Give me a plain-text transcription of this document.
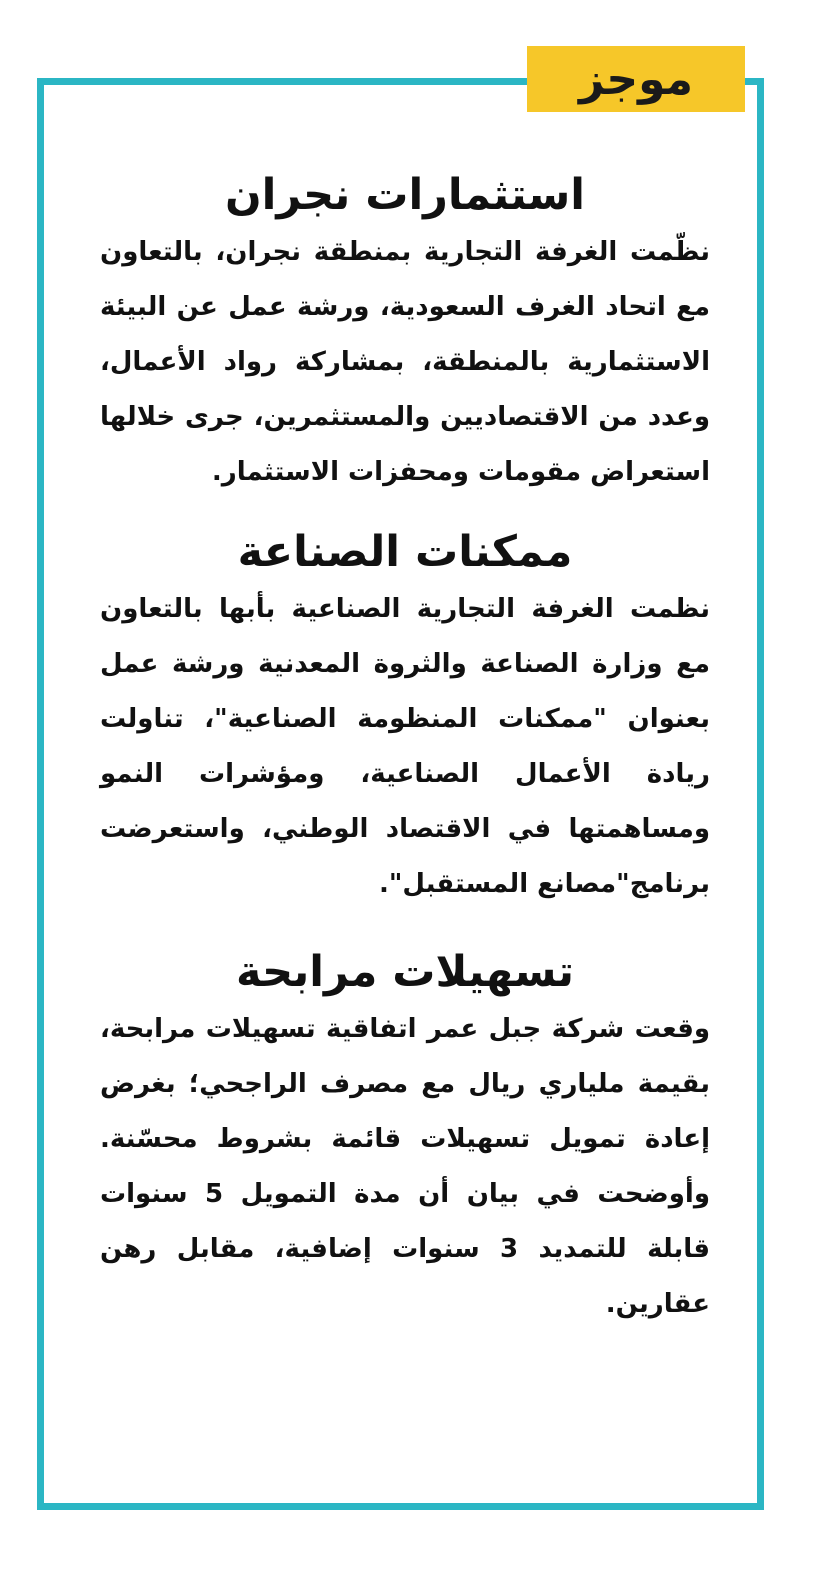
موجز
استثمارات نجران

نظّمت الغرفة التجارية بمنطقة نجران، بالتعاون مع اتحاد الغرف السعودية، ورشة عمل عن البيئة الاستثمارية بالمنطقة، بمشاركة رواد الأعمال، وعدد من الاقتصاديين والمستثمرين، جرى خلالها استعراض مقومات ومحفزات الاستثمار.

ممكنات الصناعة

نظمت الغرفة التجارية الصناعية بأبها بالتعاون مع وزارة الصناعة والثروة المعدنية ورشة عمل بعنوان "ممكنات المنظومة الصناعية"، تناولت ريادة الأعمال الصناعية، ومؤشرات النمو ومساهمتها في الاقتصاد الوطني، واستعرضت برنامج"مصانع المستقبل".

تسهيلات مرابحة

وقعت شركة جبل عمر اتفاقية تسهيلات مرابحة، بقيمة ملياري ريال مع مصرف الراجحي؛ بغرض إعادة تمويل تسهيلات قائمة بشروط محسّنة. وأوضحت في بيان أن مدة التمويل 5 سنوات قابلة للتمديد 3 سنوات إضافية، مقابل رهن عقارين.
